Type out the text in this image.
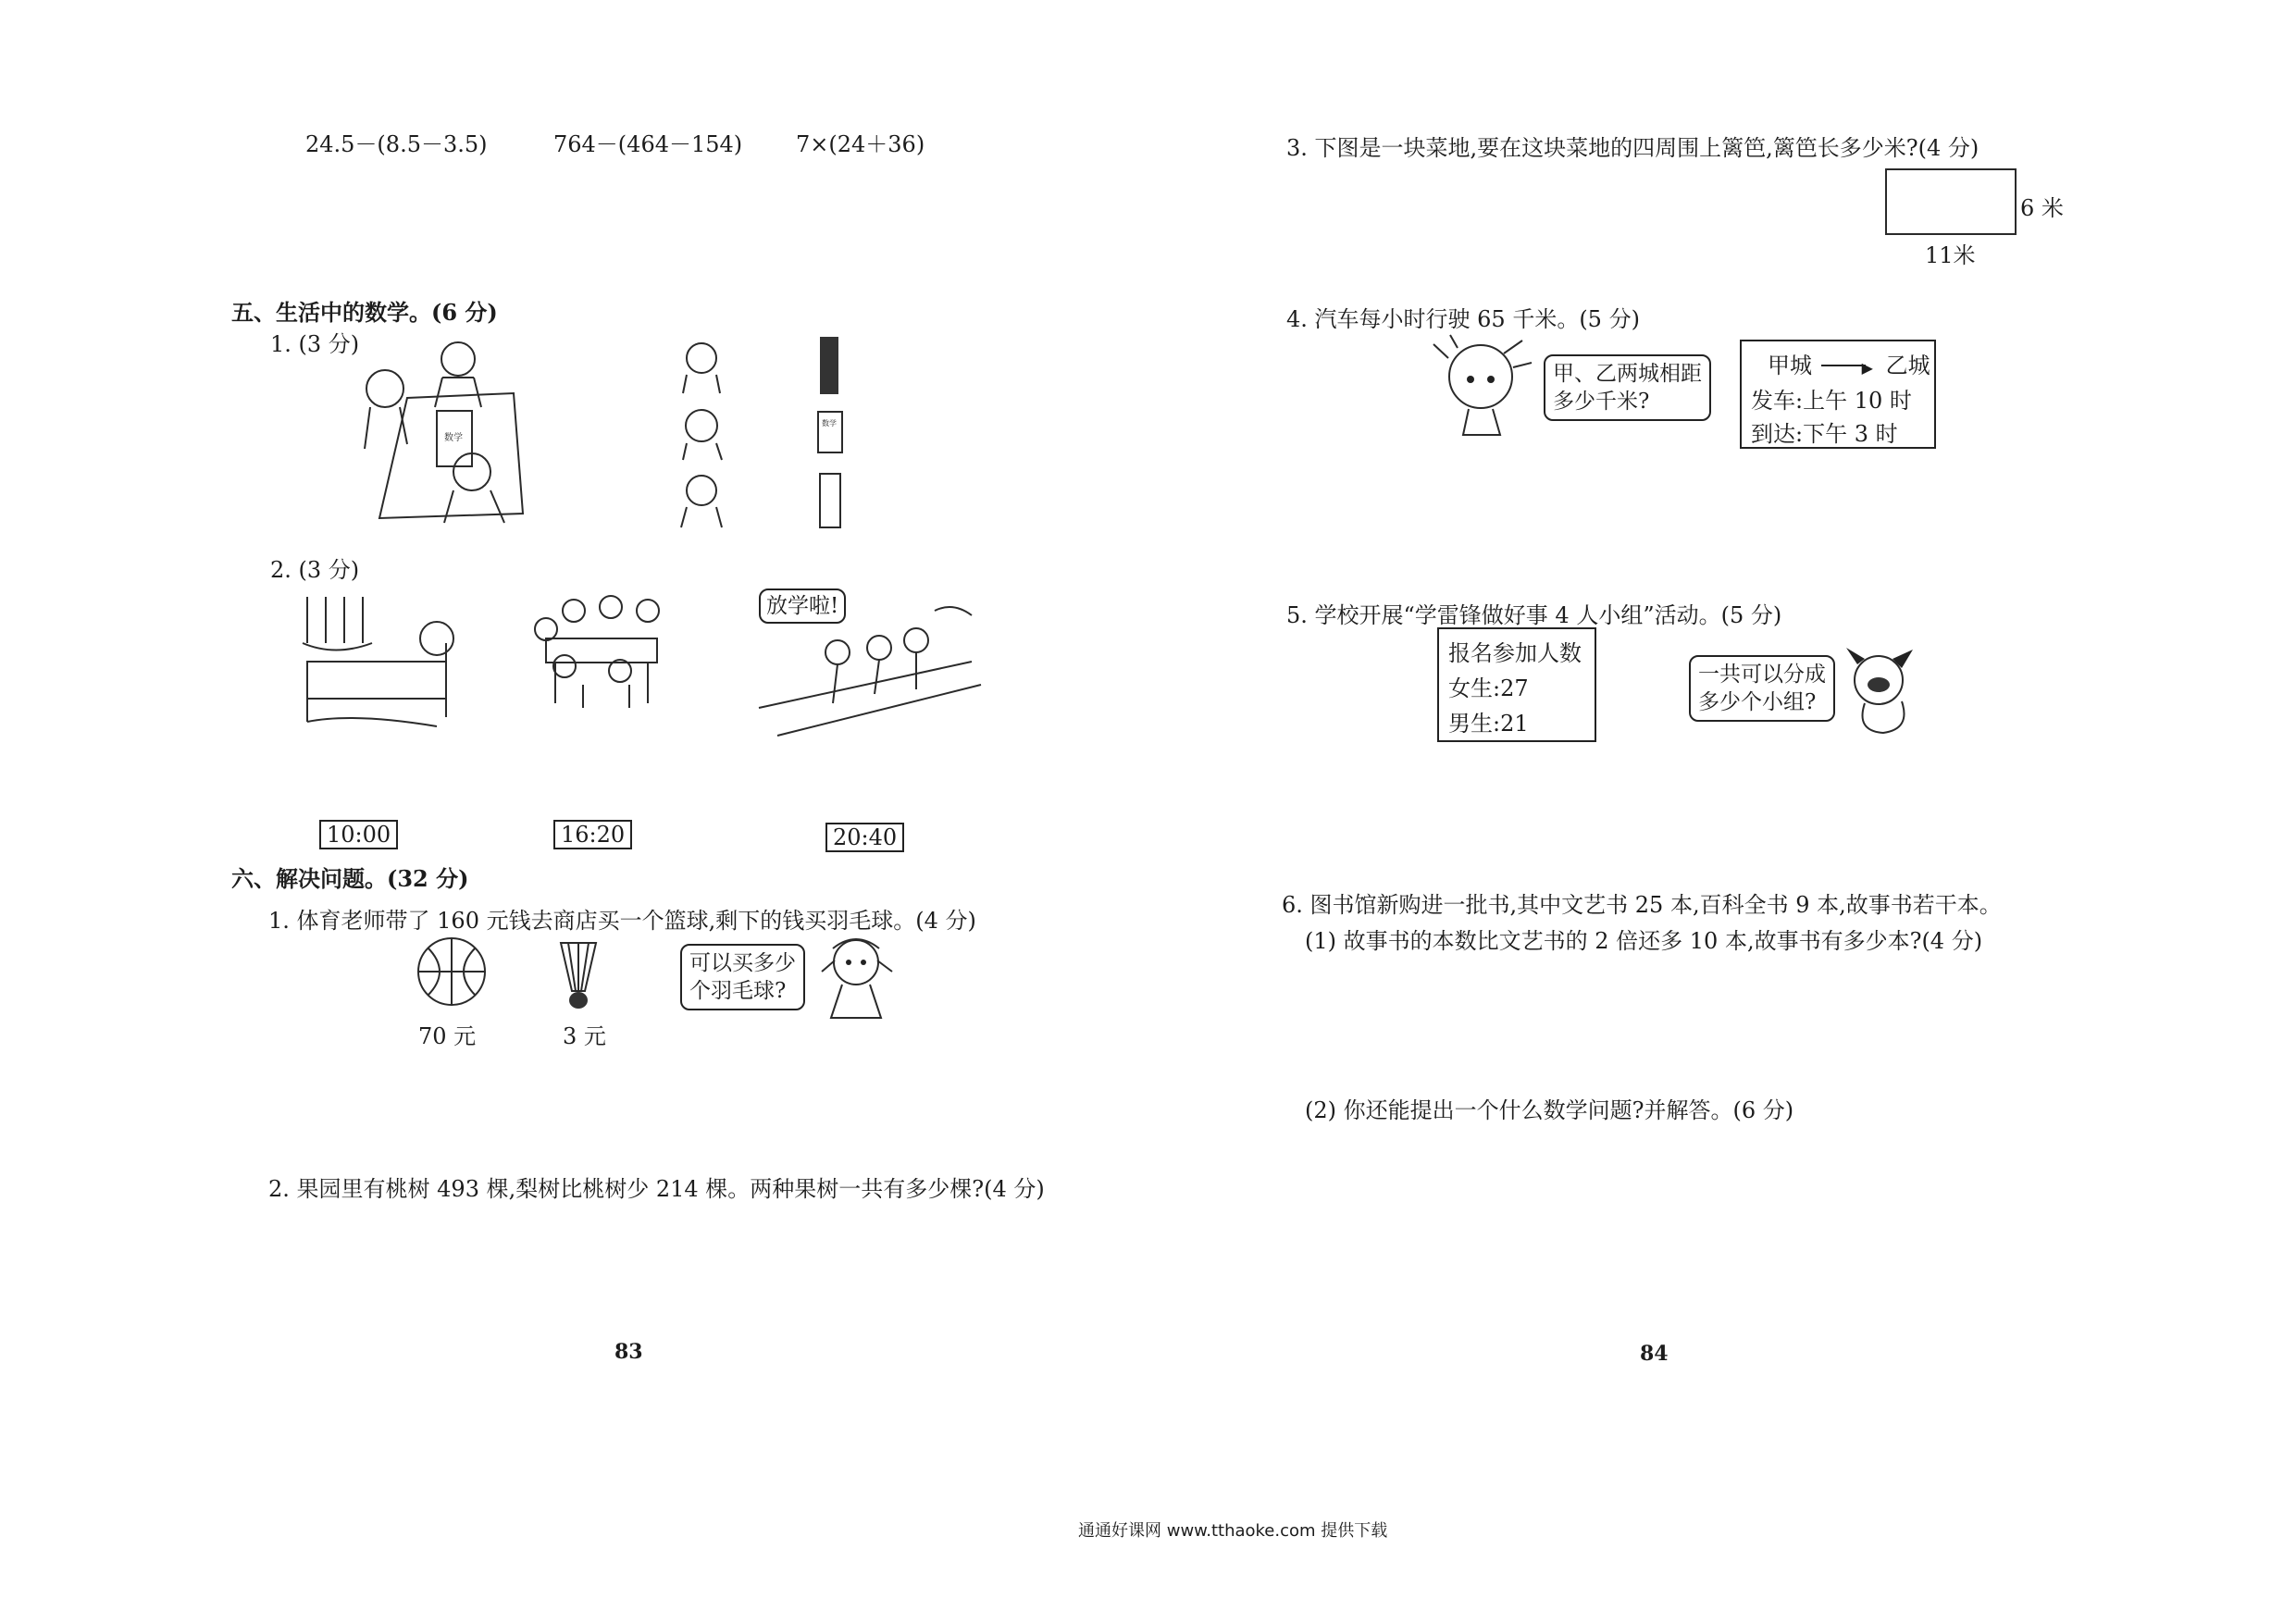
24.5－(8.5－3.5)	764－(464－154) 7×(24＋36)
五、生活中的数学。(6 分)
1. (3 分)
数学
数学
2. (3 分)
放学啦!
10:00	16:20	20:40
六、解决问题。(32 分)
1. 体育老师带了 160 元钱去商店买一个篮球,剩下的钱买羽毛球。(4 分)
70 元	3 元
可以买多少
个羽毛球?
2. 果园里有桃树 493 棵,梨树比桃树少 214 棵。两种果树一共有多少棵?(4 分)
83
3. 下图是一块菜地,要在这块菜地的四周围上篱笆,篱笆长多少米?(4 分)
6 米
11米
4. 汽车每小时行驶 65 千米。(5 分)
甲、乙两城相距
多少千米?
甲城	▶ 乙城
发车:上午 10 时
到达:下午 3 时
5. 学校开展“学雷锋做好事 4 人小组”活动。(5 分)
报名参加人数
女生:27
男生:21
一共可以分成
多少个小组?
6. 图书馆新购进一批书,其中文艺书 25 本,百科全书 9 本,故事书若干本。
(1) 故事书的本数比文艺书的 2 倍还多 10 本,故事书有多少本?(4 分)
(2) 你还能提出一个什么数学问题?并解答。(6 分)
84
通通好课网 www.tthaoke.com 提供下载
